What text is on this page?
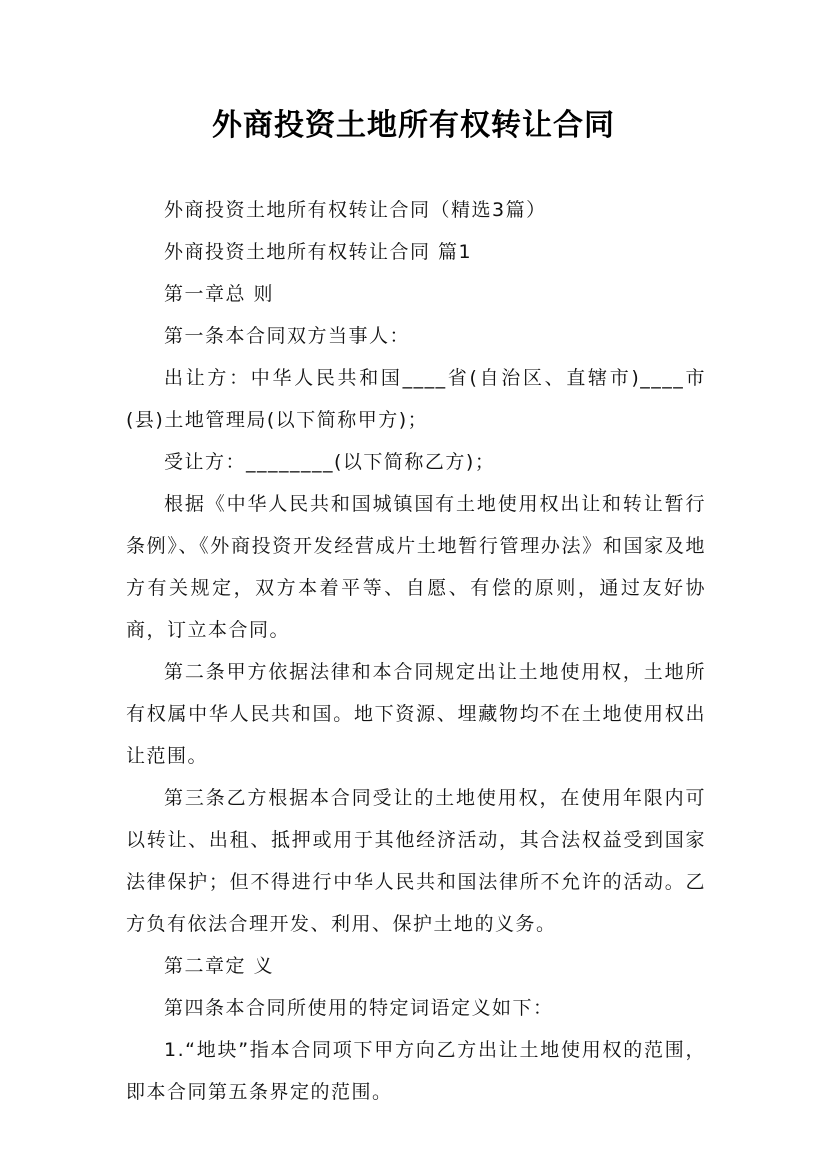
外商投资土地所有权转让合同

外商投资土地所有权转让合同（精选3篇）

外商投资土地所有权转让合同 篇1

第一章总 则

第一条本合同双方当事人：

出让方：中华人民共和国____省(自治区、直辖市)____市(县)土地管理局(以下简称甲方)；

受让方：________(以下简称乙方)；

根据《中华人民共和国城镇国有土地使用权出让和转让暂行条例》、《外商投资开发经营成片土地暂行管理办法》和国家及地方有关规定，双方本着平等、自愿、有偿的原则，通过友好协商，订立本合同。

第二条甲方依据法律和本合同规定出让土地使用权，土地所有权属中华人民共和国。地下资源、埋藏物均不在土地使用权出让范围。

第三条乙方根据本合同受让的土地使用权，在使用年限内可以转让、出租、抵押或用于其他经济活动，其合法权益受到国家法律保护；但不得进行中华人民共和国法律所不允许的活动。乙方负有依法合理开发、利用、保护土地的义务。

第二章定 义

第四条本合同所使用的特定词语定义如下：

1.“地块”指本合同项下甲方向乙方出让土地使用权的范围，即本合同第五条界定的范围。
